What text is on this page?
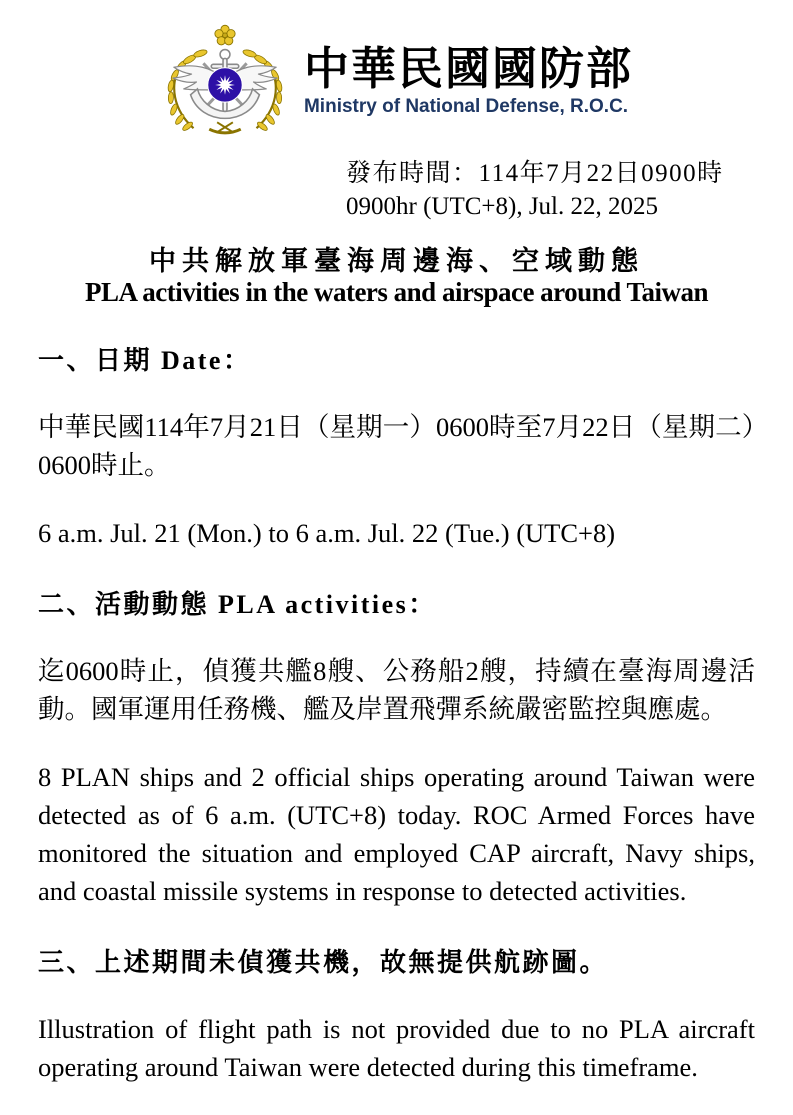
中華民國國防部
Ministry of National Defense, R.O.C.
發布時間：114年7月22日0900時
0900hr (UTC+8), Jul. 22, 2025
中共解放軍臺海周邊海、空域動態
PLA activities in the waters and airspace around Taiwan
一、日期 Date：

中華民國114年7月21日（星期一）0600時至7月22日（星期二）0600時止。

6 a.m. Jul. 21 (Mon.) to 6 a.m. Jul. 22 (Tue.) (UTC+8)

二、活動動態 PLA activities：

迄0600時止，偵獲共艦8艘、公務船2艘，持續在臺海周邊活動。國軍運用任務機、艦及岸置飛彈系統嚴密監控與應處。

8 PLAN ships and 2 official ships operating around Taiwan were detected as of 6 a.m. (UTC+8) today. ROC Armed Forces have monitored the situation and employed CAP aircraft, Navy ships, and coastal missile systems in response to detected activities.

三、上述期間未偵獲共機，故無提供航跡圖。

Illustration of flight path is not provided due to no PLA aircraft operating around Taiwan were detected during this timeframe.
